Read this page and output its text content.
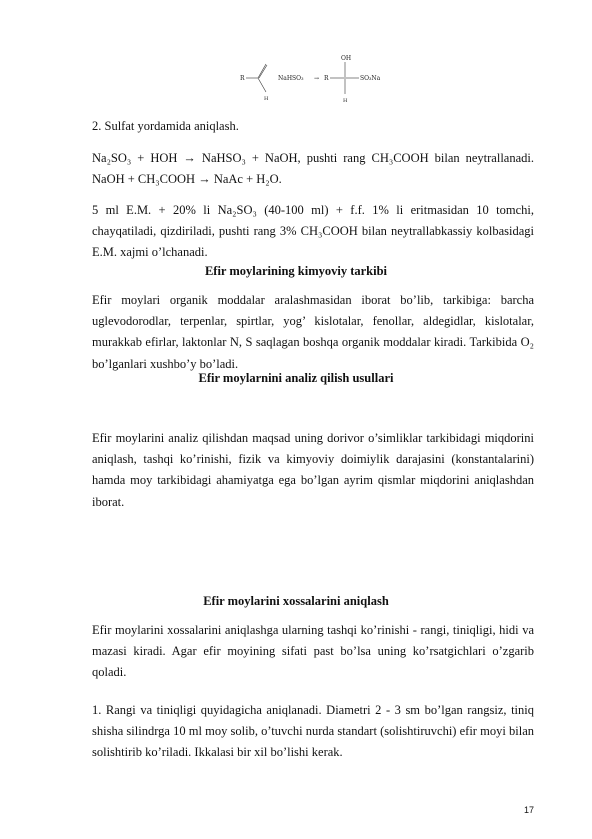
R
H
NaHSO₃ → R
OH
SO₃Na
H

2. Sulfat yordamida aniqlash.

Na₂SO₃ + HOH → NaHSO₃ + NaOH, pushti rang CH₃COOH bilan neytrallanadi. NaOH + CH₃COOH → NaAc + H₂O.

5 ml E.M. + 20% li Na₂SO₃ (40-100 ml) + f.f. 1% li eritmasidan 10 tomchi, chayqatiladi, qizdiriladi, pushti rang 3% CH₃COOH bilan neytrallabkassiy kolbasidagi E.M. xajmi o’lchanadi.

Efir moylarining kimyoviy tarkibi

Efir moylari organik moddalar aralashmasidan iborat bo’lib, tarkibiga: barcha uglevodorodlar, terpenlar, spirtlar, yog’ kislotalar, fenollar, aldegidlar, kislotalar, murakkab efirlar, laktonlar N, S saqlagan boshqa organik moddalar kiradi. Tarkibida O₂ bo’lganlari xushbo’y bo’ladi.

Efir moylarnini analiz qilish usullari

Efir moylarini analiz qilishdan maqsad uning dorivor o’simliklar tarkibidagi miqdorini aniqlash, tashqi ko’rinishi, fizik va kimyoviy doimiylik darajasini (konstantalarini) hamda moy tarkibidagi ahamiyatga ega bo’lgan ayrim qismlar miqdorini aniqlashdan iborat.

Efir moylarini xossalarini aniqlash

Efir moylarini xossalarini aniqlashga ularning tashqi ko’rinishi - rangi, tiniqligi, hidi va mazasi kiradi. Agar efir moyining sifati past bo’lsa uning ko’rsatgichlari o’zgarib qoladi.

1. Rangi va tiniqligi quyidagicha aniqlanadi. Diametri 2 - 3 sm bo’lgan rangsiz, tiniq shisha silindrga 10 ml moy solib, o’tuvchi nurda standart (solishtiruvchi) efir moyi bilan solishtirib ko’riladi. Ikkalasi bir xil bo’lishi kerak.

17
